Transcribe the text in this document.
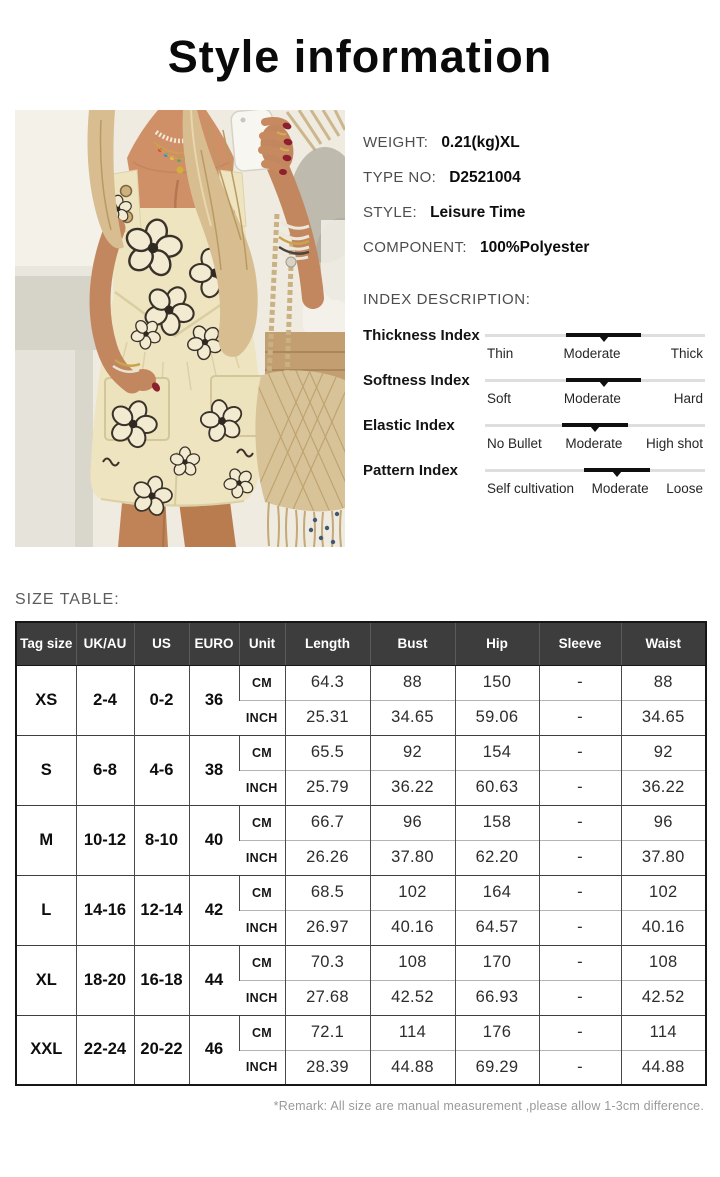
Style information
WEIGHT: 0.21(kg)XL
TYPE NO: D2521004
STYLE: Leisure Time
COMPONENT: 100%Polyester
INDEX DESCRIPTION:
Thickness Index
Thin	Moderate	Thick
Softness Index
Soft	Moderate	Hard
Elastic Index
No Bullet Moderate High shot
Pattern Index
Self cultivation Moderate Loose
SIZE TABLE:
Tag size	UK/AU	US	EURO	Unit	Length	Bust	Hip	Sleeve	Waist
XS	2-4	0-2	36	CM	64.3	88	150	-	88
				INCH	25.31	34.65	59.06	-	34.65
S	6-8	4-6	38	CM	65.5	92	154	-	92
				INCH	25.79	36.22	60.63	-	36.22
M	10-12	8-10	40	CM	66.7	96	158	-	96
				INCH	26.26	37.80	62.20	-	37.80
L	14-16	12-14	42	CM	68.5	102	164	-	102
				INCH	26.97	40.16	64.57	-	40.16
XL	18-20	16-18	44	CM	70.3	108	170	-	108
				INCH	27.68	42.52	66.93	-	42.52
XXL	22-24	20-22	46	CM	72.1	114	176	-	114
				INCH	28.39	44.88	69.29	-	44.88
*Remark: All size are manual measurement ,please allow 1-3cm difference.
